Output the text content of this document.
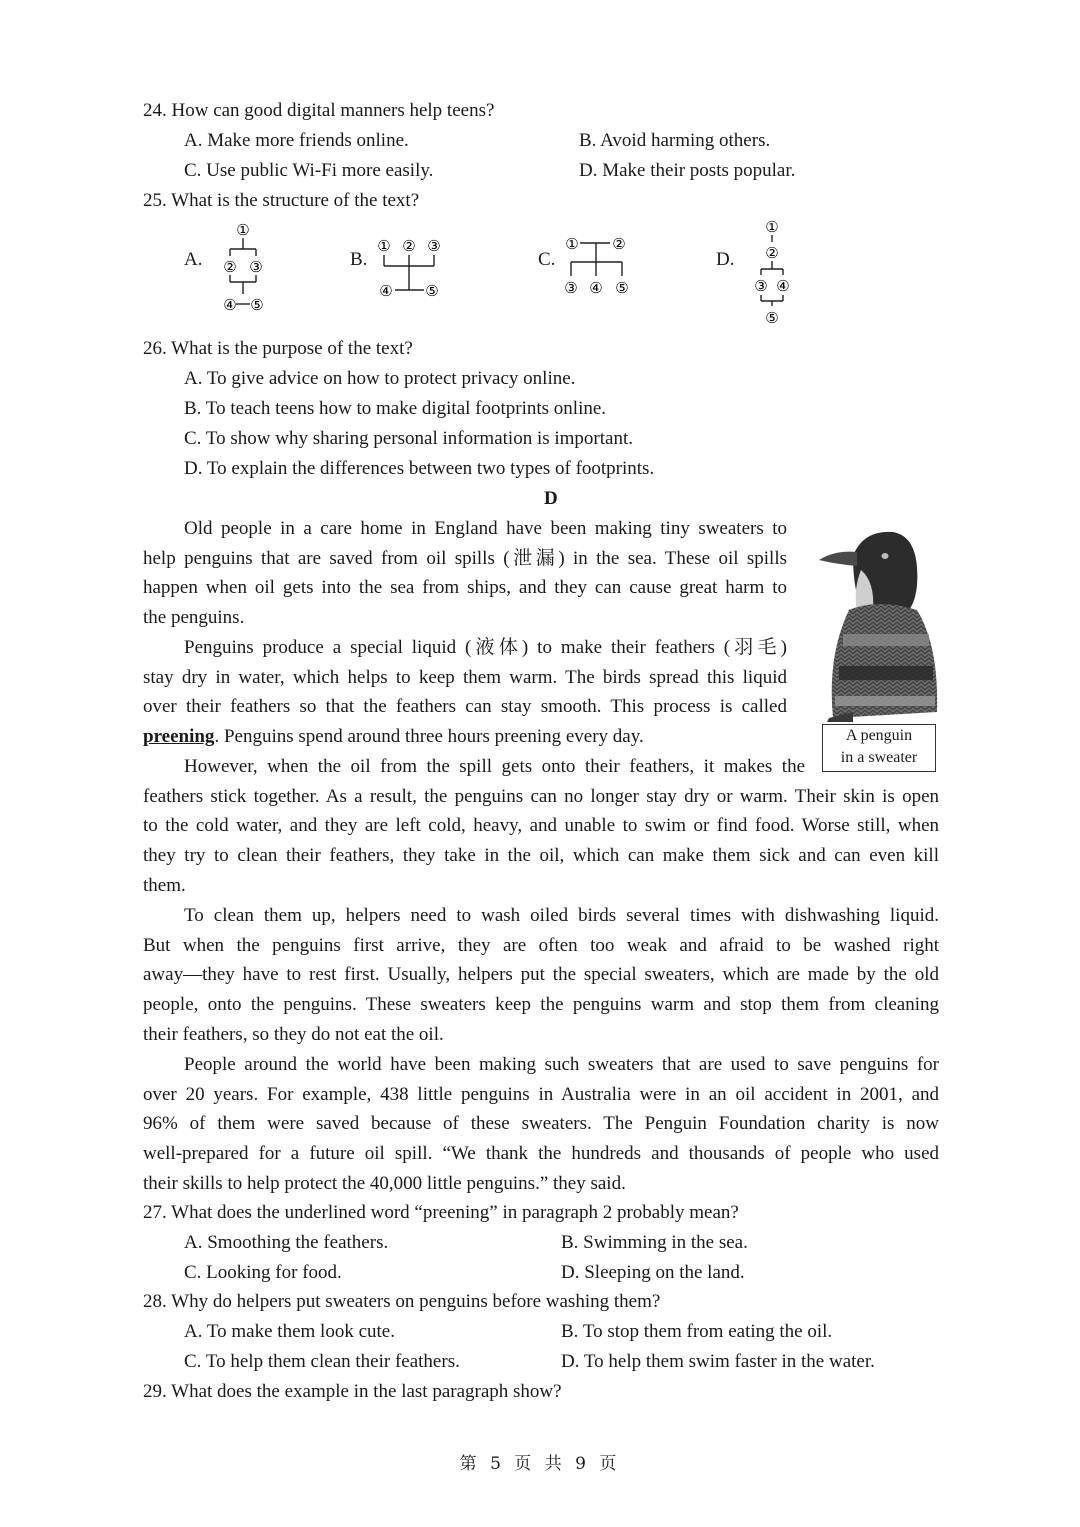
24. How can good digital manners help teens?
A. Make more friends online.	B. Avoid harming others.
C. Use public Wi-Fi more easily.	D. Make their posts popular.
25. What is the structure of the text?
A.
①
② ③
④ ⑤
B.
① ② ③
④ ⑤
C.
① ②
③ ④ ⑤
D.
①
②
③ ④
⑤
26. What is the purpose of the text?
A. To give advice on how to protect privacy online.
B. To teach teens how to make digital footprints online.
C. To show why sharing personal information is important.
D. To explain the differences between two types of footprints.
D
Old people in a care home in England have been making tiny sweaters to
help penguins that are saved from oil spills (泄漏) in the sea. These oil spills
happen when oil gets into the sea from ships, and they can cause great harm to
the penguins.
Penguins produce a special liquid (液体) to make their feathers (羽毛)
stay dry in water, which helps to keep them warm. The birds spread this liquid
over their feathers so that the feathers can stay smooth. This process is called
preening. Penguins spend around three hours preening every day.
However, when the oil from the spill gets onto their feathers, it makes the
feathers stick together. As a result, the penguins can no longer stay dry or warm. Their skin is open
to the cold water, and they are left cold, heavy, and unable to swim or find food. Worse still, when
they try to clean their feathers, they take in the oil, which can make them sick and can even kill
them.
To clean them up, helpers need to wash oiled birds several times with dishwashing liquid.
But when the penguins first arrive, they are often too weak and afraid to be washed right
away—they have to rest first. Usually, helpers put the special sweaters, which are made by the old
people, onto the penguins. These sweaters keep the penguins warm and stop them from cleaning
their feathers, so they do not eat the oil.
People around the world have been making such sweaters that are used to save penguins for
over 20 years. For example, 438 little penguins in Australia were in an oil accident in 2001, and
96% of them were saved because of these sweaters. The Penguin Foundation charity is now
well-prepared for a future oil spill. “We thank the hundreds and thousands of people who used
their skills to help protect the 40,000 little penguins.” they said.
A penguin
in a sweater
27. What does the underlined word “preening” in paragraph 2 probably mean?
A. Smoothing the feathers.	B. Swimming in the sea.
C. Looking for food.	D. Sleeping on the land.
28. Why do helpers put sweaters on penguins before washing them?
A. To make them look cute.	B. To stop them from eating the oil.
C. To help them clean their feathers.	D. To help them swim faster in the water.
29. What does the example in the last paragraph show?
第 5 页 共 9 页
